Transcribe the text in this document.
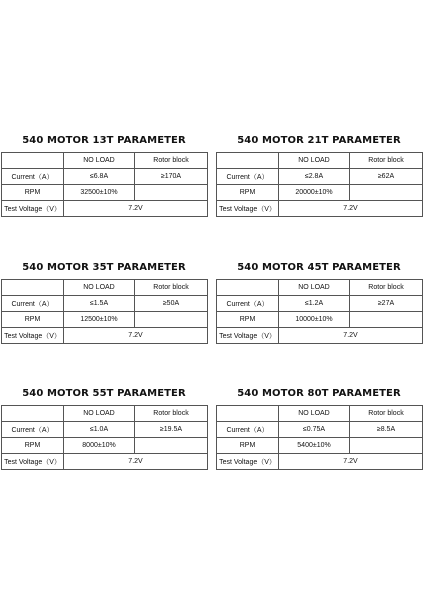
540 MOTOR 13T PARAMETER
	NO LOAD	Rotor block
Current（A）	≤6.8A	≥170A
RPM	32500±10%	
Test Voltage（V）	7.2V	
540 MOTOR 21T PARAMETER
	NO LOAD	Rotor block
Current（A）	≤2.8A	≥62A
RPM	20000±10%	
Test Voltage（V）	7.2V	
540 MOTOR 35T PARAMETER
	NO LOAD	Rotor block
Current（A）	≤1.5A	≥50A
RPM	12500±10%	
Test Voltage（V）	7.2V	
540 MOTOR 45T PARAMETER
	NO LOAD	Rotor block
Current（A）	≤1.2A	≥27A
RPM	10000±10%	
Test Voltage（V）	7.2V	
540 MOTOR 55T PARAMETER
	NO LOAD	Rotor block
Current（A）	≤1.0A	≥19.5A
RPM	8000±10%	
Test Voltage（V）	7.2V	
540 MOTOR 80T PARAMETER
	NO LOAD	Rotor block
Current（A）	≤0.75A	≥8.5A
RPM	5400±10%	
Test Voltage（V）	7.2V	
